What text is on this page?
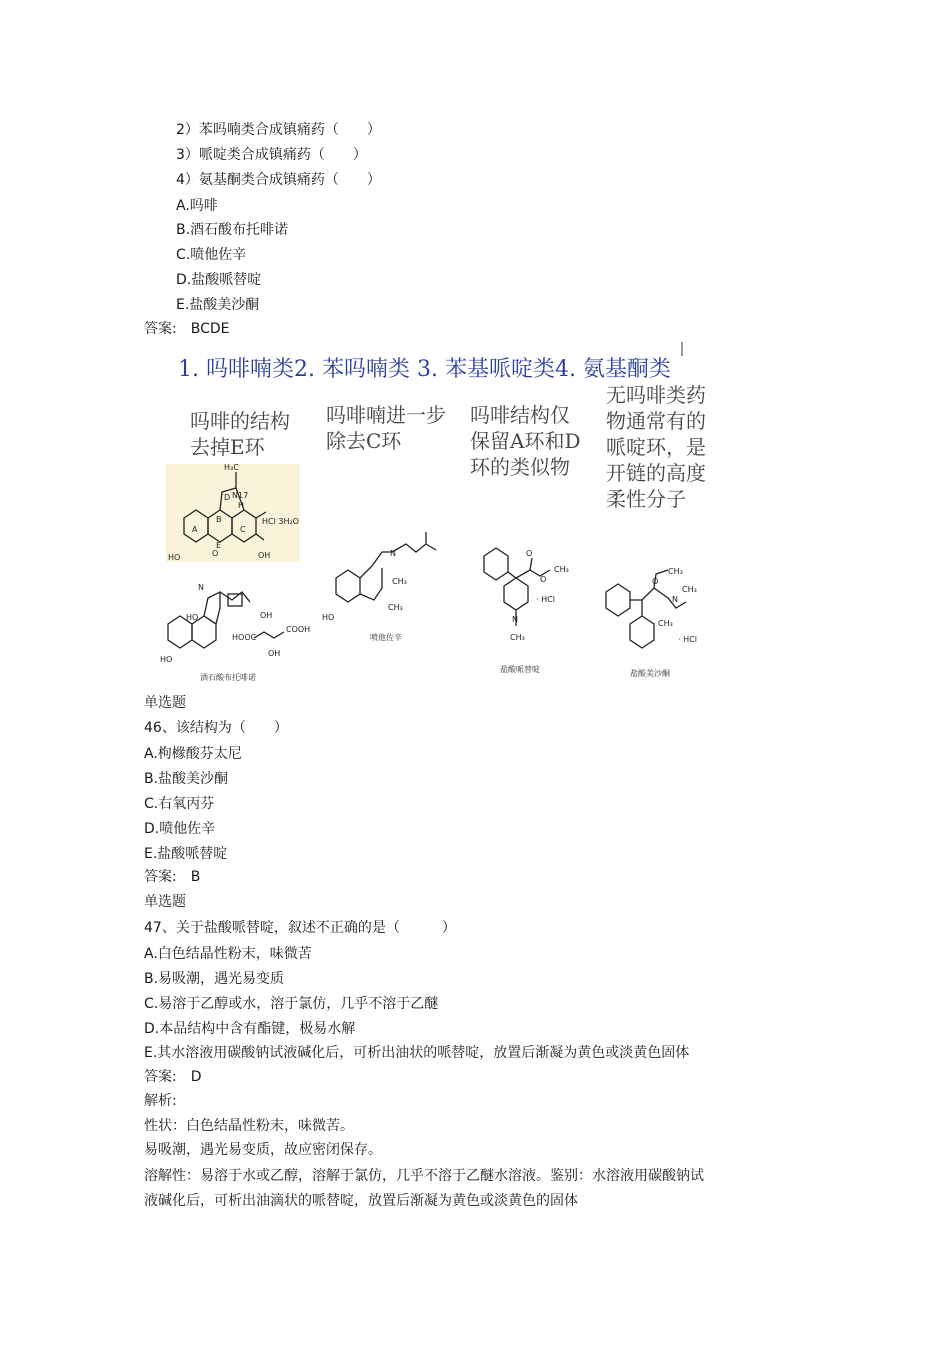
2）苯吗喃类合成镇痛药（　　）
3）哌啶类合成镇痛药（　　）
4）氨基酮类合成镇痛药（　　）
A.吗啡
B.酒石酸布托啡诺
C.喷他佐辛
D.盐酸哌替啶
E.盐酸美沙酮
答案:　BCDE
1. 吗啡喃类2. 苯吗喃类 3. 苯基哌啶类4. 氨基酮类
吗啡的结构
去掉E环
吗啡喃进一步
除去C环
吗啡结构仅
保留A环和D
环的类似物
无吗啡类药
物通常有的
哌啶环，是
开链的高度
柔性分子
A
B
C
D
E
N17
H₃C
H
O
HO	OH
HCl 3H₂O
HO
HO
N
HOOC
COOH
OH
OH
酒石酸布托啡诺
N
HO
CH₃
CH₃
喷他佐辛
O
O
CH₃
N
CH₃
· HCl
盐酸哌替啶
O
CH₃
N
CH₃
CH₃
· HCl
盐酸美沙酮
单选题
46、该结构为（　　）
A.枸橼酸芬太尼
B.盐酸美沙酮
C.右氧丙芬
D.喷他佐辛
E.盐酸哌替啶
答案:　B
单选题
47、关于盐酸哌替啶，叙述不正确的是（　　　）
A.白色结晶性粉末，味微苦
B.易吸潮，遇光易变质
C.易溶于乙醇或水，溶于氯仿，几乎不溶于乙醚
D.本品结构中含有酯键，极易水解
E.其水溶液用碳酸钠试液碱化后，可析出油状的哌替啶，放置后渐凝为黄色或淡黄色固体
答案:　D
解析:
性状：白色结晶性粉末，味微苦。
易吸潮，遇光易变质，故应密闭保存。
溶解性：易溶于水或乙醇，溶解于氯仿，几乎不溶于乙醚水溶液。鉴别：水溶液用碳酸钠试
液碱化后，可析出油滴状的哌替啶，放置后渐凝为黄色或淡黄色的固体
